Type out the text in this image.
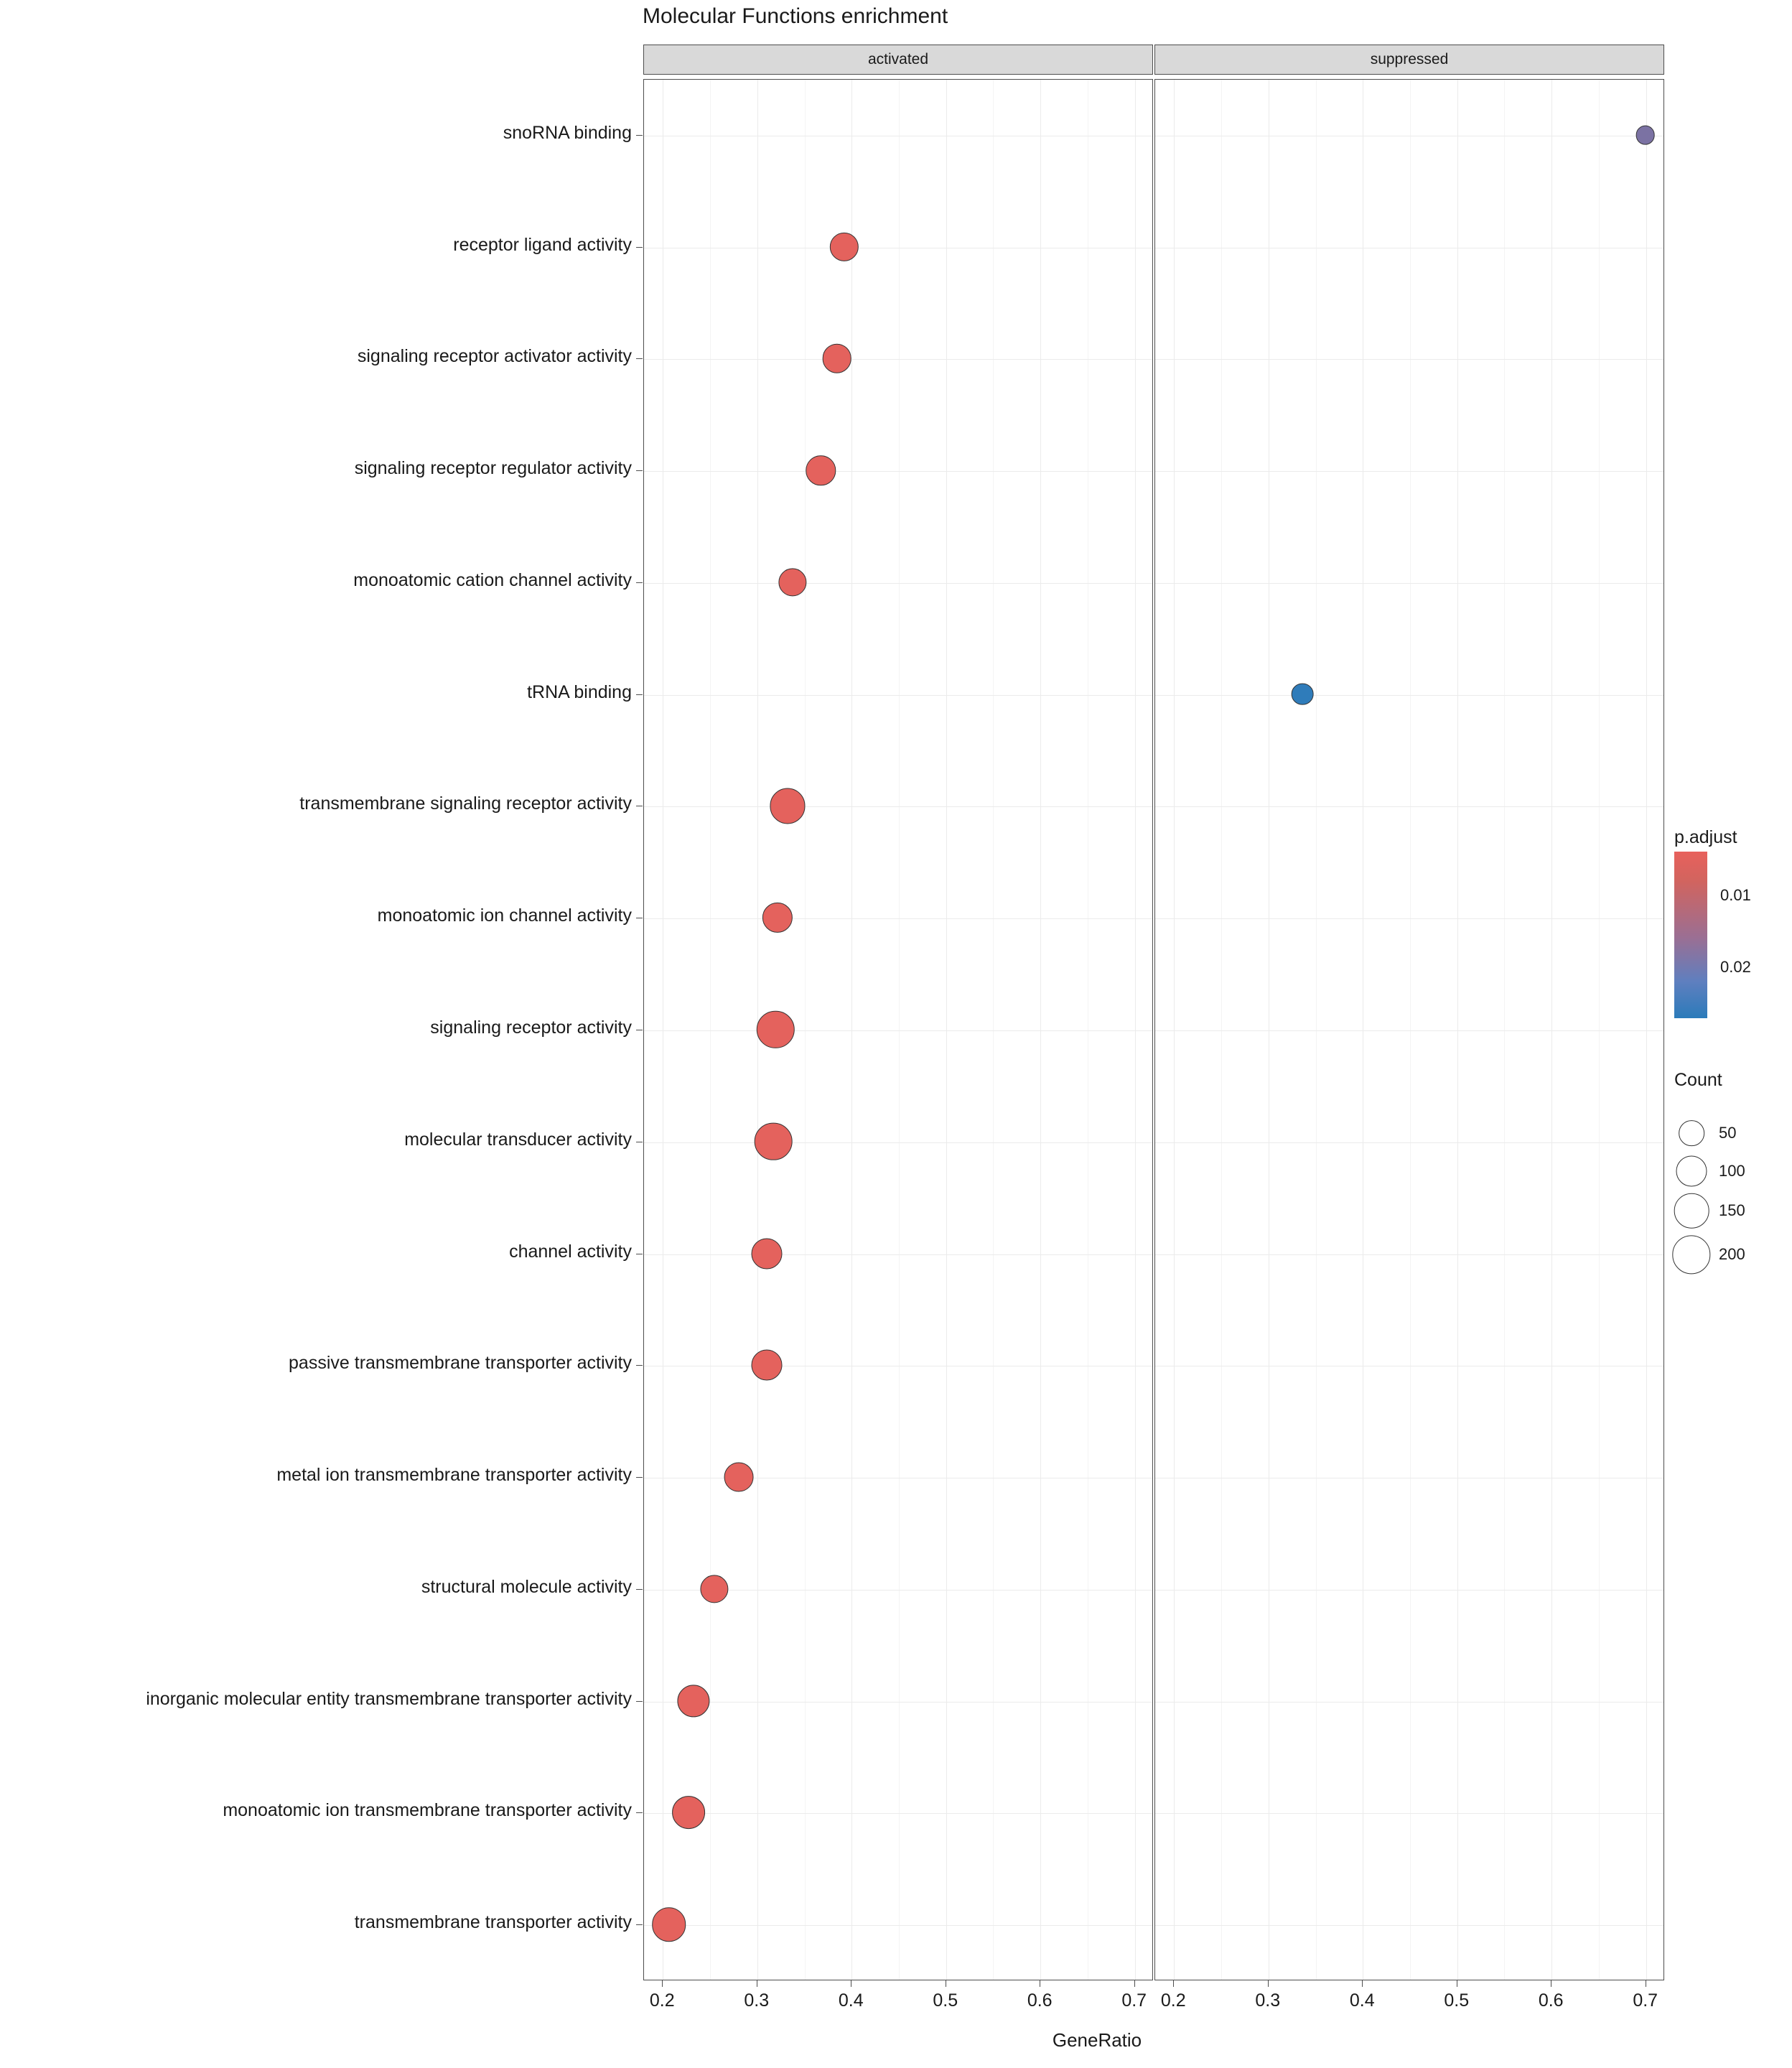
Molecular Functions enrichment
activated	suppressed
GeneRatio
p.adjust
Count
snoRNA binding
receptor ligand activity
signaling receptor activator activity
signaling receptor regulator activity
monoatomic cation channel activity
tRNA binding
transmembrane signaling receptor activity
monoatomic ion channel activity
signaling receptor activity
molecular transducer activity
channel activity
passive transmembrane transporter activity
metal ion transmembrane transporter activity
structural molecule activity
inorganic molecular entity transmembrane transporter activity
monoatomic ion transmembrane transporter activity
transmembrane transporter activity
0.2	0.3	0.4	0.5	0.6	0.7 0.2	0.3	0.4	0.5	0.6	0.7
0.01
0.02
50
100
150
200
